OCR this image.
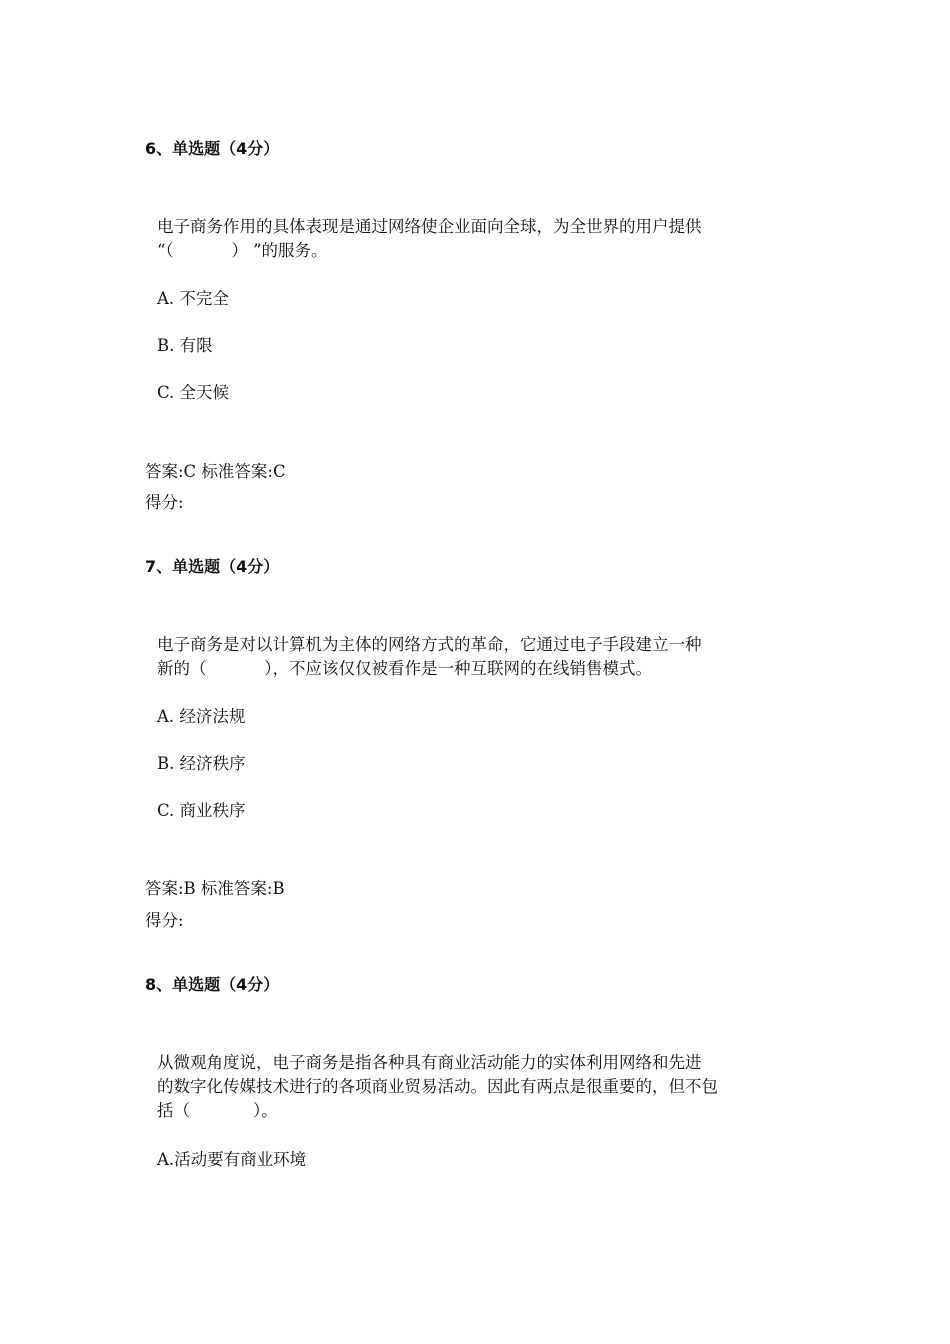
6、单选题（4分）
电子商务作用的具体表现是通过网络使企业面向全球，为全世界的用户提供
“（           ） ”的服务。
A. 不完全
B. 有限
C. 全天候
答案:C 标准答案:C
得分:
7、单选题（4分）
电子商务是对以计算机为主体的网络方式的革命，它通过电子手段建立一种
新的（           ），不应该仅仅被看作是一种互联网的在线销售模式。
A. 经济法规
B. 经济秩序
C. 商业秩序
答案:B 标准答案:B
得分:
8、单选题（4分）
从微观角度说，电子商务是指各种具有商业活动能力的实体利用网络和先进
的数字化传媒技术进行的各项商业贸易活动。因此有两点是很重要的，但不包
括（            ）。
A.活动要有商业环境
